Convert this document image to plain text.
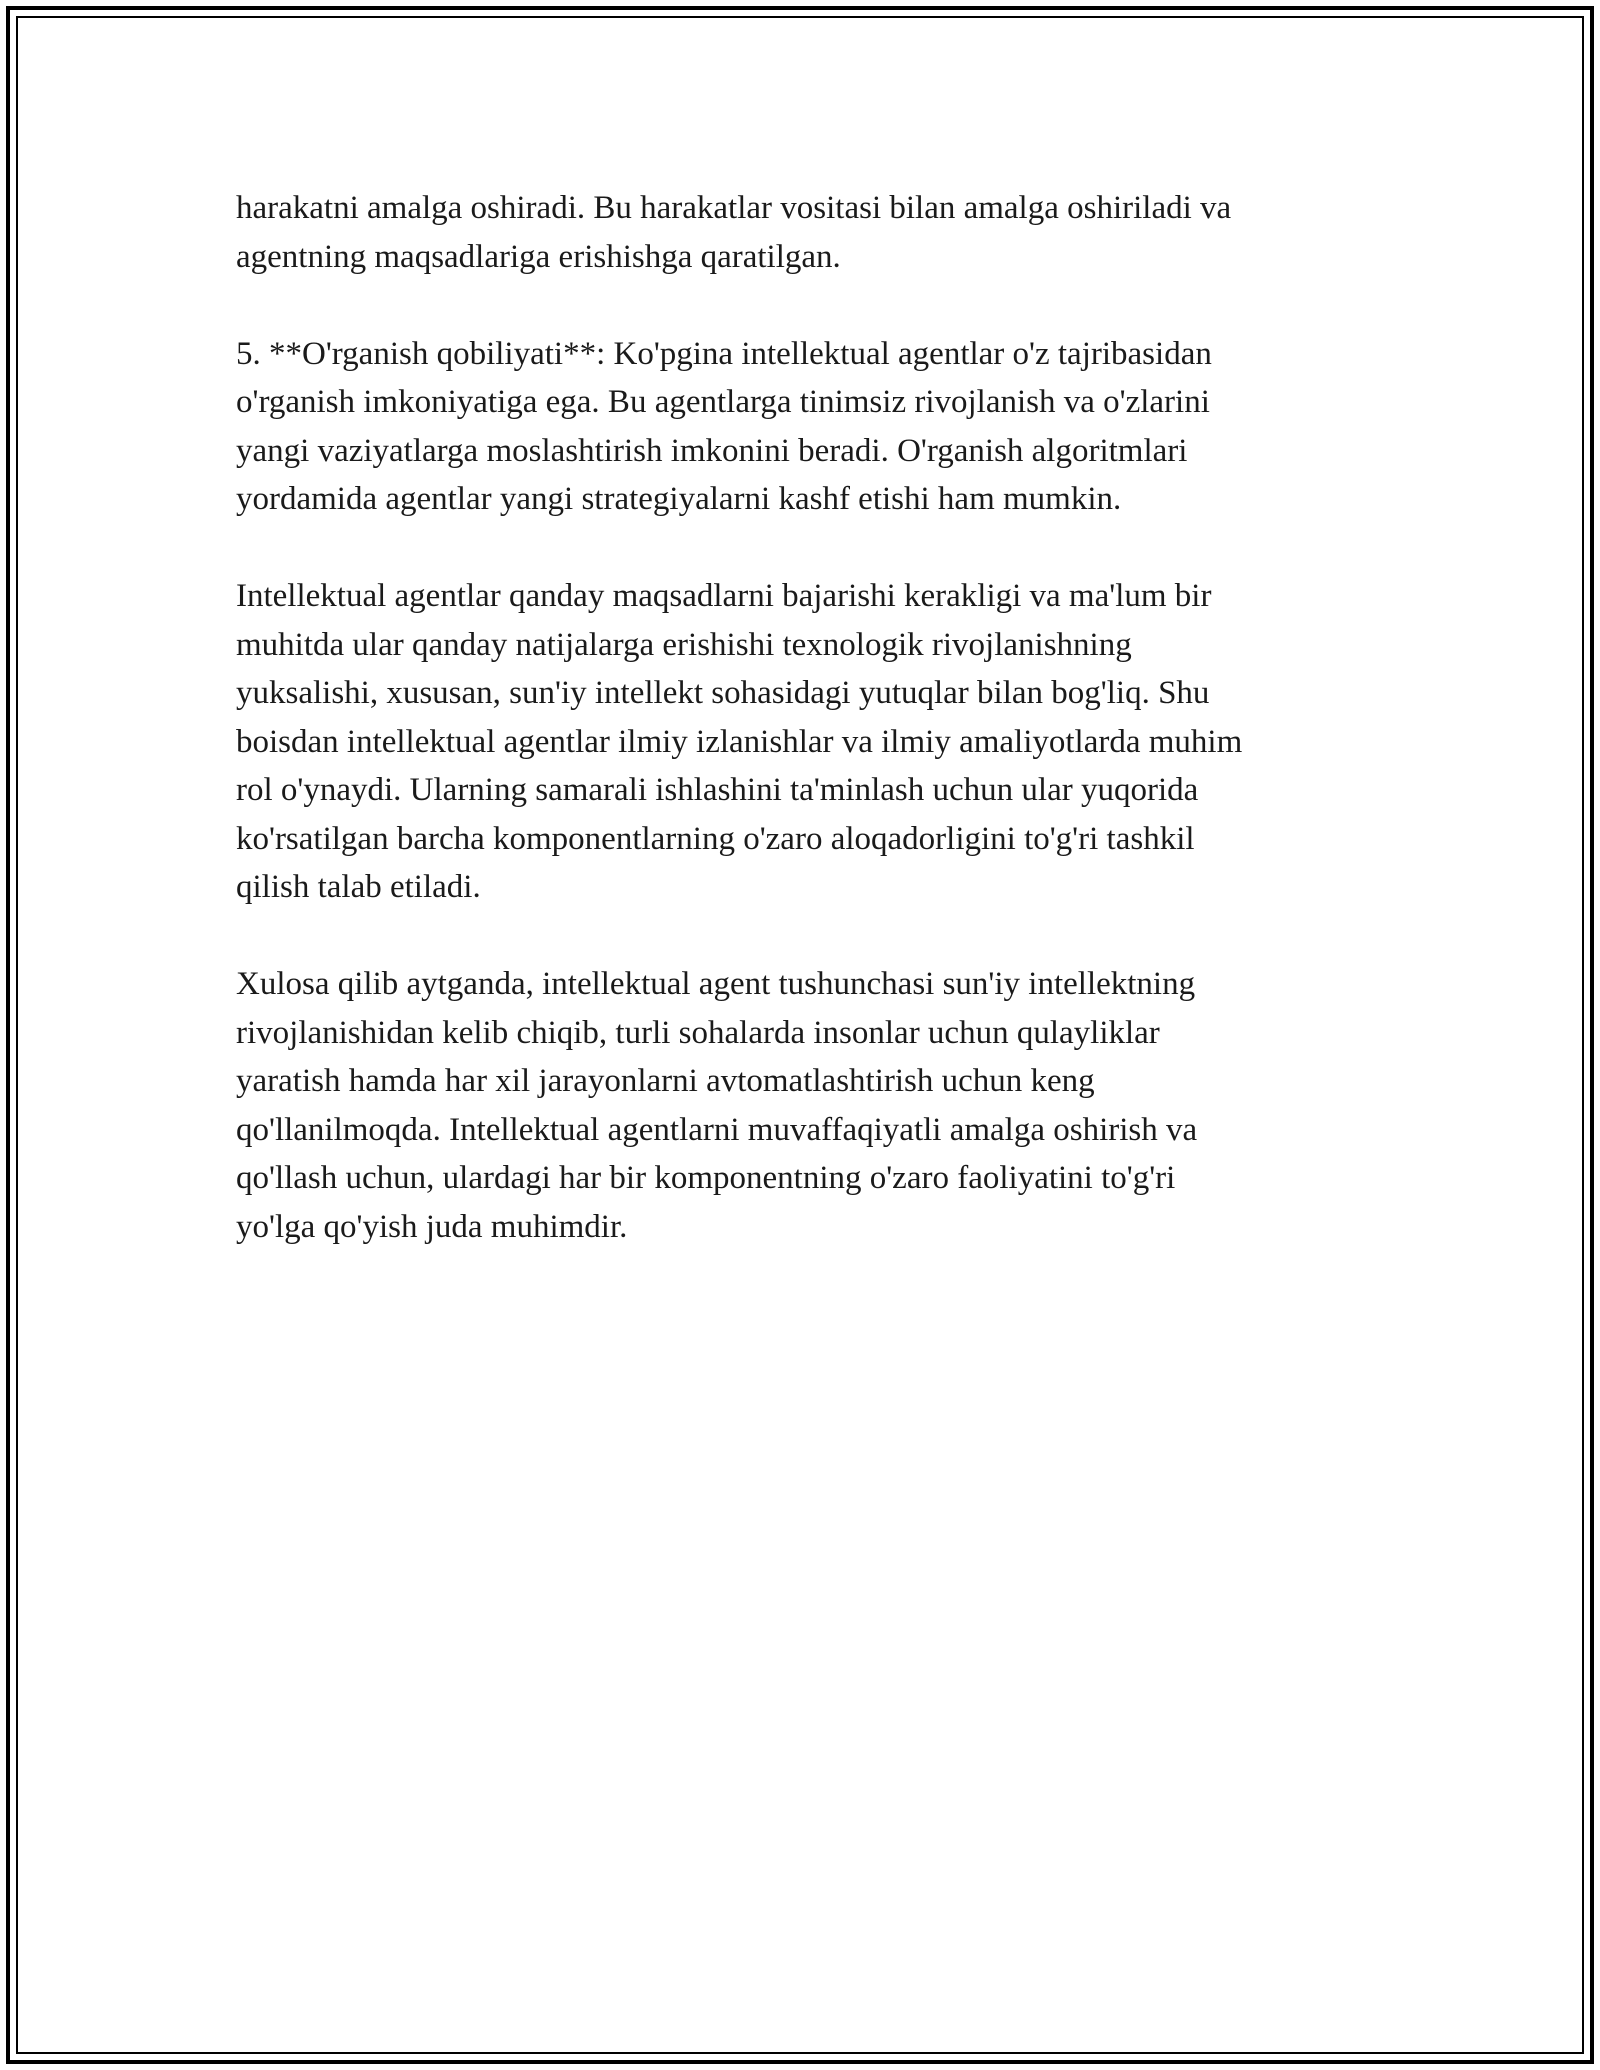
harakatni amalga oshiradi. Bu harakatlar vositasi bilan amalga oshiriladi va
agentning maqsadlariga erishishga qaratilgan.

5. **O'rganish qobiliyati**: Ko'pgina intellektual agentlar o'z tajribasidan
o'rganish imkoniyatiga ega. Bu agentlarga tinimsiz rivojlanish va o'zlarini
yangi vaziyatlarga moslashtirish imkonini beradi. O'rganish algoritmlari
yordamida agentlar yangi strategiyalarni kashf etishi ham mumkin.

Intellektual agentlar qanday maqsadlarni bajarishi kerakligi va ma'lum bir
muhitda ular qanday natijalarga erishishi texnologik rivojlanishning
yuksalishi, xususan, sun'iy intellekt sohasidagi yutuqlar bilan bog'liq. Shu
boisdan intellektual agentlar ilmiy izlanishlar va ilmiy amaliyotlarda muhim
rol o'ynaydi. Ularning samarali ishlashini ta'minlash uchun ular yuqorida
ko'rsatilgan barcha komponentlarning o'zaro aloqadorligini to'g'ri tashkil
qilish talab etiladi.

Xulosa qilib aytganda, intellektual agent tushunchasi sun'iy intellektning
rivojlanishidan kelib chiqib, turli sohalarda insonlar uchun qulayliklar
yaratish hamda har xil jarayonlarni avtomatlashtirish uchun keng
qo'llanilmoqda. Intellektual agentlarni muvaffaqiyatli amalga oshirish va
qo'llash uchun, ulardagi har bir komponentning o'zaro faoliyatini to'g'ri
yo'lga qo'yish juda muhimdir.
